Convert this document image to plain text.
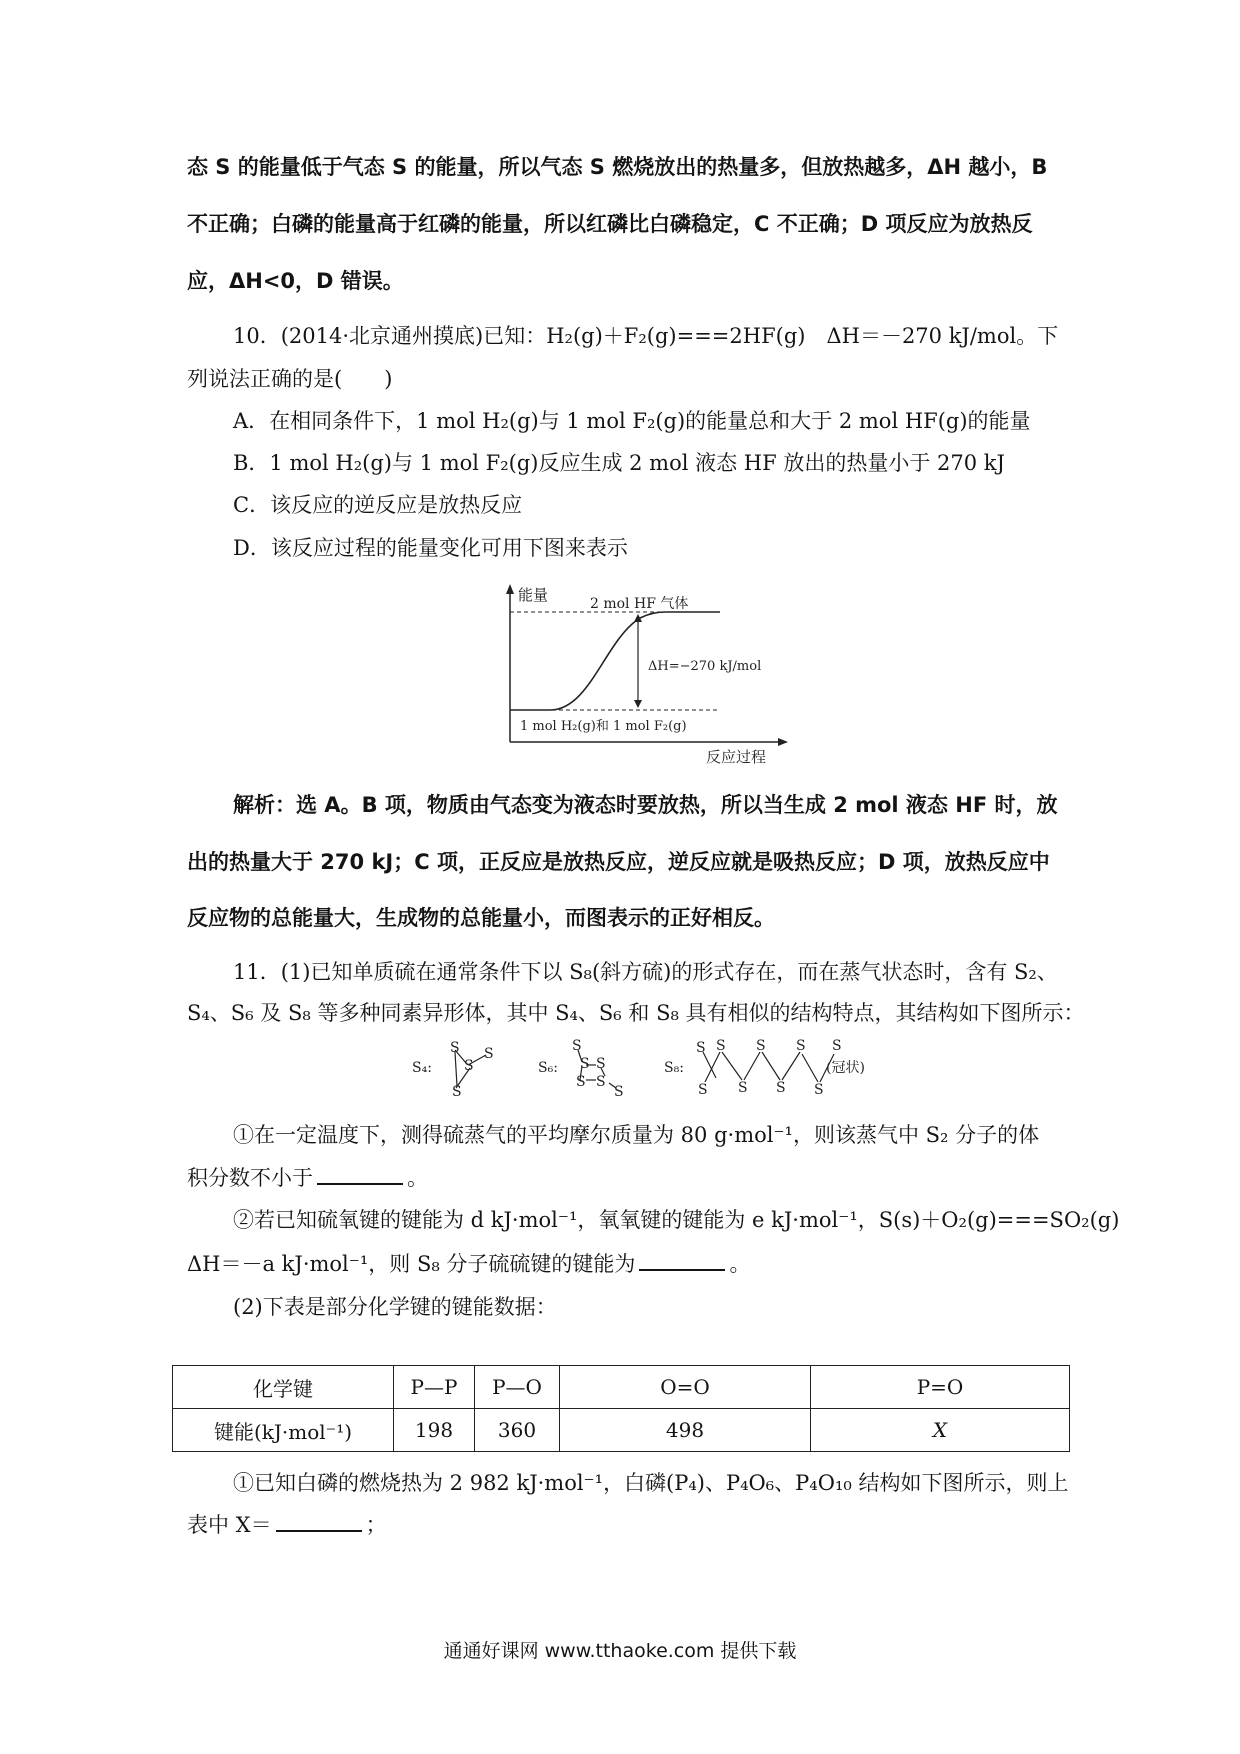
态 S 的能量低于气态 S 的能量，所以气态 S 燃烧放出的热量多，但放热越多，ΔH 越小，B
不正确；白磷的能量高于红磷的能量，所以红磷比白磷稳定，C 不正确；D 项反应为放热反
应，ΔH<0，D 错误。
10．(2014·北京通州摸底)已知：H₂(g)＋F₂(g)===2HF(g)　ΔH＝－270 kJ/mol。下
列说法正确的是(　　)
A．在相同条件下，1 mol H₂(g)与 1 mol F₂(g)的能量总和大于 2 mol HF(g)的能量
B．1 mol H₂(g)与 1 mol F₂(g)反应生成 2 mol 液态 HF 放出的热量小于 270 kJ
C．该反应的逆反应是放热反应
D．该反应过程的能量变化可用下图来表示
能量	2 mol HF 气体
ΔH=−270 kJ/mol
1 mol H₂(g)和 1 mol F₂(g)
反应过程
解析：选 A。B 项，物质由气态变为液态时要放热，所以当生成 2 mol 液态 HF 时，放
出的热量大于 270 kJ；C 项，正反应是放热反应，逆反应就是吸热反应；D 项，放热反应中
反应物的总能量大，生成物的总能量小，而图表示的正好相反。
11．(1)已知单质硫在通常条件下以 S₈(斜方硫)的形式存在，而在蒸气状态时，含有 S₂、
S₄、S₆ 及 S₈ 等多种同素异形体，其中 S₄、S₆ 和 S₈ 具有相似的结构特点，其结构如下图所示：
S₄:	S₆:	S₈:	(冠状)
S
S
S
S
S
S S
S S
S
S
S
S
S
S
S
S
S
S
①在一定温度下，测得硫蒸气的平均摩尔质量为 80 g·mol⁻¹，则该蒸气中 S₂ 分子的体
积分数不小于	。
②若已知硫氧键的键能为 d kJ·mol⁻¹，氧氧键的键能为 e kJ·mol⁻¹，S(s)＋O₂(g)===SO₂(g)
ΔH＝－a kJ·mol⁻¹，则 S₈ 分子硫硫键的键能为	。
(2)下表是部分化学键的键能数据：
化学键	P—P	P—O	O=O	P=O
键能(kJ·mol⁻¹)	198	360	498	X
①已知白磷的燃烧热为 2 982 kJ·mol⁻¹，白磷(P₄)、P₄O₆、P₄O₁₀ 结构如下图所示，则上
表中 X＝	；
通通好课网 www.tthaoke.com 提供下载
